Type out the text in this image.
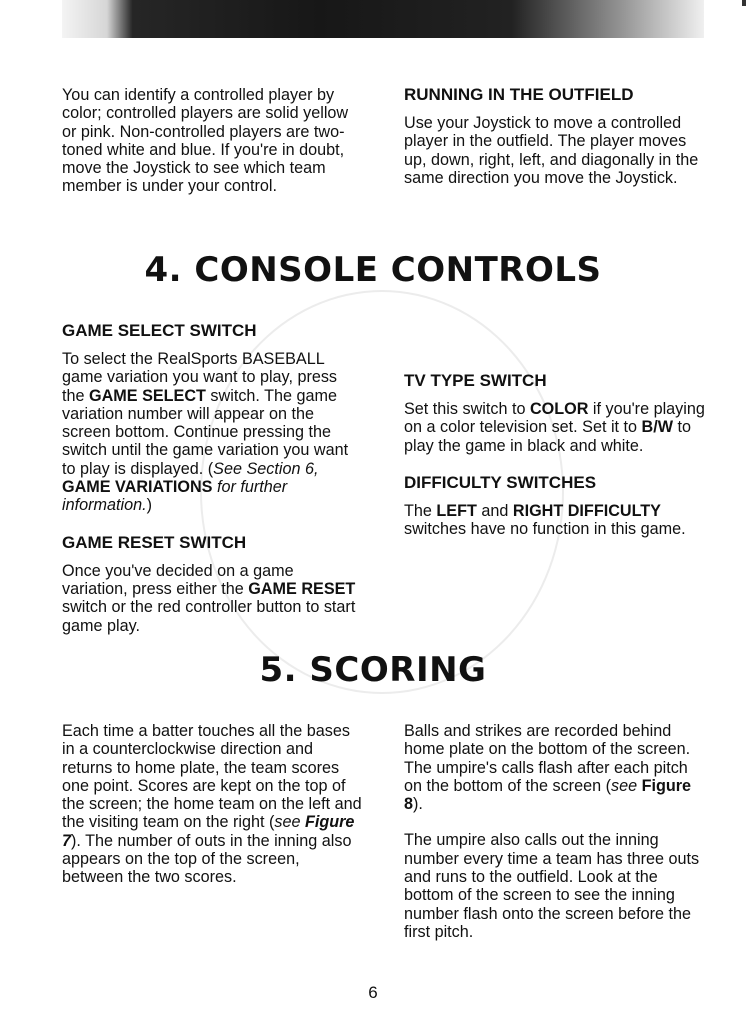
You can identify a controlled player by color; controlled players are solid yellow or pink. Non-controlled players are two-toned white and blue. If you're in doubt, move the Joystick to see which team member is under your control.

RUNNING IN THE OUTFIELD

Use your Joystick to move a controlled player in the outfield. The player moves up, down, right, left, and diagonally in the same direction you move the Joystick.

4. CONSOLE CONTROLS
GAME SELECT SWITCH

To select the RealSports BASEBALL game variation you want to play, press the GAME SELECT switch. The game variation number will appear on the screen bottom. Continue pressing the switch until the game variation you want to play is displayed. (See Section 6, GAME VARIATIONS for further information.)

GAME RESET SWITCH

Once you've decided on a game variation, press either the GAME RESET switch or the red controller button to start game play.

TV TYPE SWITCH

Set this switch to COLOR if you're playing on a color television set. Set it to B/W to play the game in black and white.

DIFFICULTY SWITCHES

The LEFT and RIGHT DIFFICULTY switches have no function in this game.

5. SCORING

Each time a batter touches all the bases in a counterclockwise direction and returns to home plate, the team scores one point. Scores are kept on the top of the screen; the home team on the left and the visiting team on the right (see Figure 7). The number of outs in the inning also appears on the top of the screen, between the two scores.

Balls and strikes are recorded behind home plate on the bottom of the screen. The umpire's calls flash after each pitch on the bottom of the screen (see Figure 8).

The umpire also calls out the inning number every time a team has three outs and runs to the outfield. Look at the bottom of the screen to see the inning number flash onto the screen before the first pitch.

6
